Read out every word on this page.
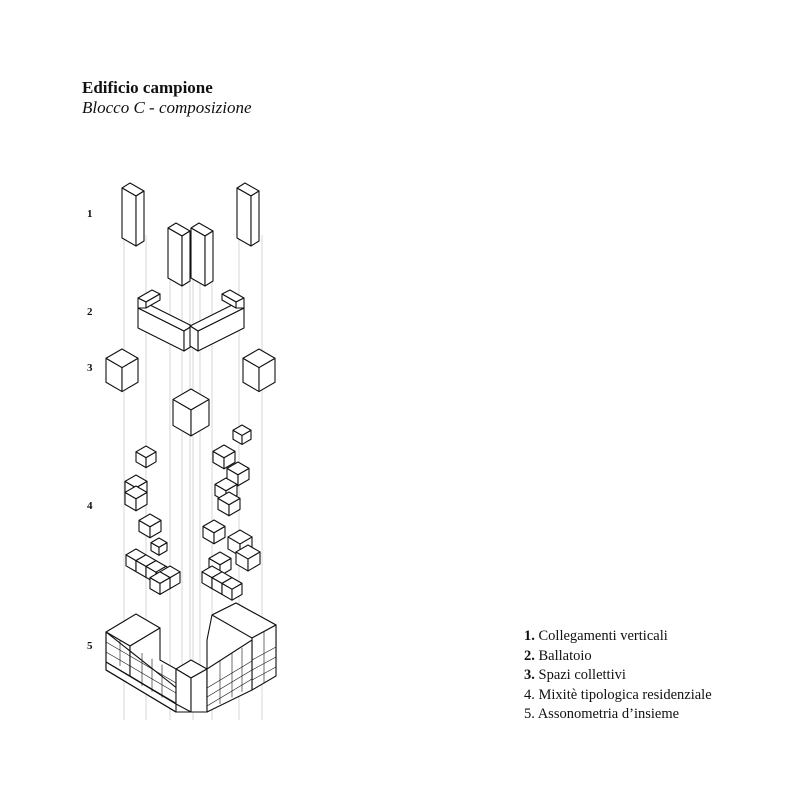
Edificio campione
Blocco C - composizione
1
2
3
4
5
1. Collegamenti verticali
2. Ballatoio
3. Spazi collettivi
4. Mixitè tipologica residenziale
5. Assonometria d’insieme
